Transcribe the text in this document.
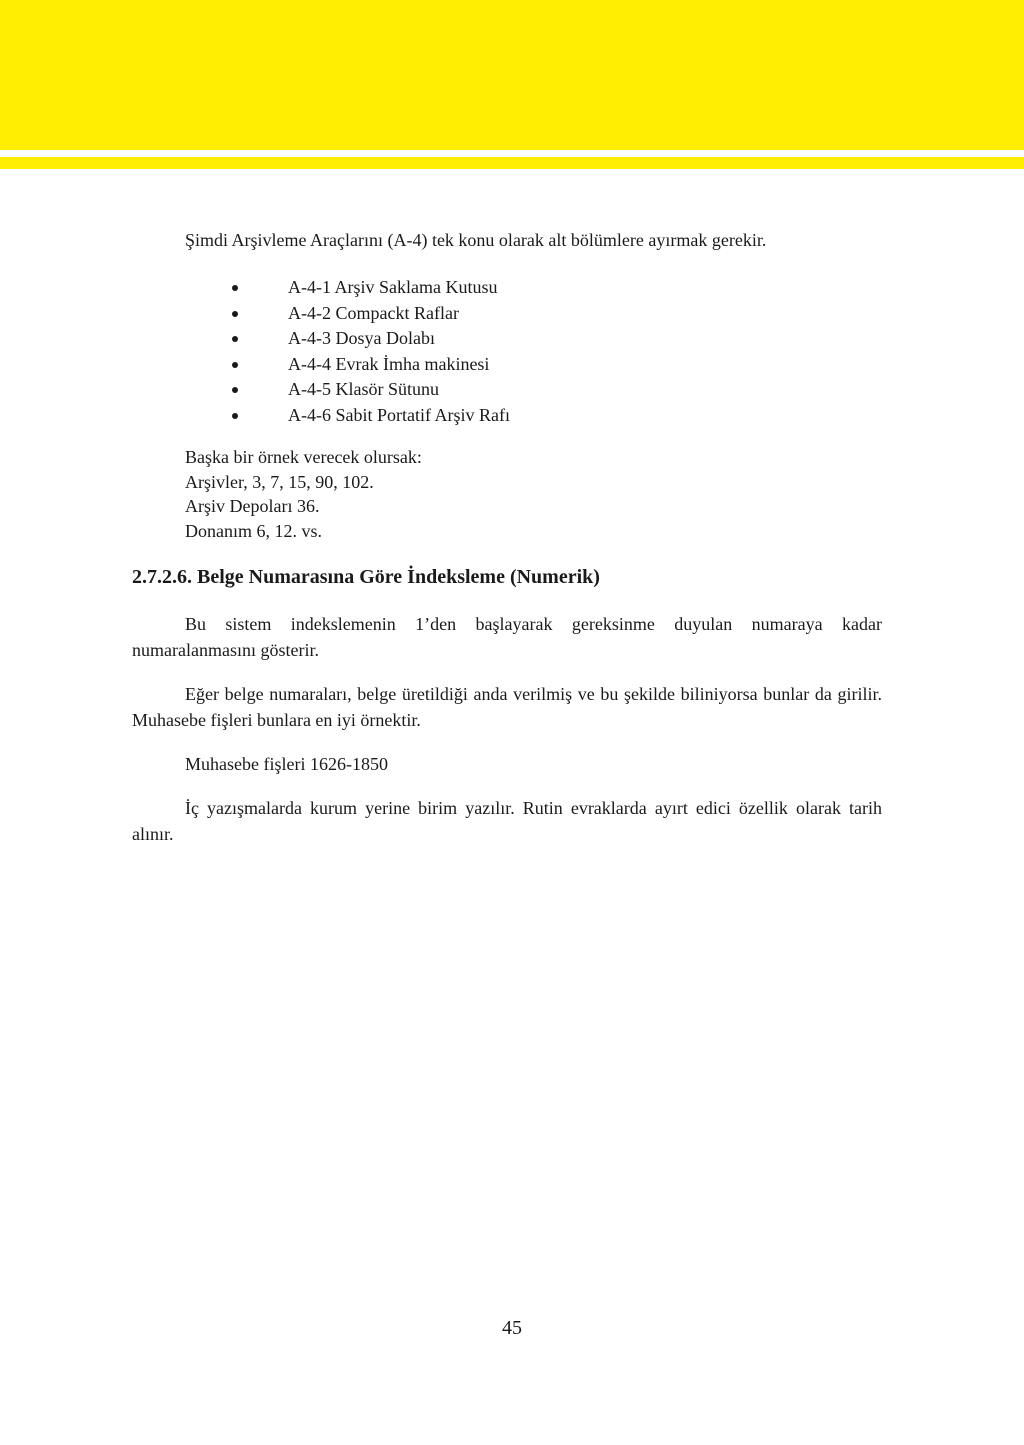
Şimdi Arşivleme Araçlarını (A-4) tek konu olarak alt bölümlere ayırmak gerekir.

A-4-1 Arşiv Saklama Kutusu
A-4-2 Compackt Raflar
A-4-3 Dosya Dolabı
A-4-4 Evrak İmha makinesi
A-4-5 Klasör Sütunu
A-4-6 Sabit Portatif Arşiv Rafı
Başka bir örnek verecek olursak:
Arşivler, 3, 7, 15, 90, 102.
Arşiv Depoları 36.
Donanım 6, 12. vs.
2.7.2.6. Belge Numarasına Göre İndeksleme (Numerik)

Bu sistem indekslemenin 1’den başlayarak gereksinme duyulan numaraya kadar numaralanmasını gösterir.

Eğer belge numaraları, belge üretildiği anda verilmiş ve bu şekilde biliniyorsa bunlar da girilir. Muhasebe fişleri bunlara en iyi örnektir.

Muhasebe fişleri 1626-1850

İç yazışmalarda kurum yerine birim yazılır. Rutin evraklarda ayırt edici özellik olarak tarih alınır.

45
